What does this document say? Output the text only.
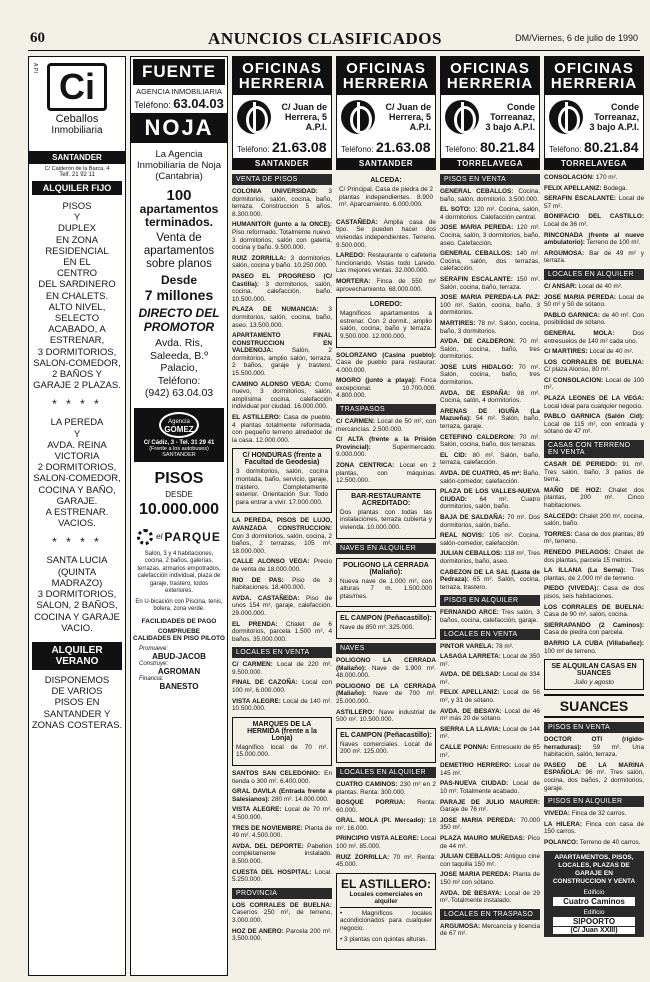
60	ANUNCIOS CLASIFICADOS	DM/Viernes, 6 de julio de 1990
A.P.I. Ci
Ceballos
Inmobiliaria
SANTANDER
C/ Calderón de la Barca, 4
Telf. 21 92 11
ALQUILER FIJO
PISOS
Y
DUPLEX
EN ZONA
RESIDENCIAL
EN EL
CENTRO
DEL SARDINERO
EN CHALETS.
ALTO NIVEL,
SELECTO
ACABADO, A
ESTRENAR,
3 DORMITORIOS,
SALON-COMEDOR,
2 BAÑOS Y
GARAJE 2 PLAZAS.
* * * *
LA PEREDA
Y
AVDA. REINA
VICTORIA
2 DORMITORIOS,
SALON-COMEDOR,
COCINA Y BAÑO,
GARAJE.
A ESTRENAR.
VACIOS.
* * * *
SANTA LUCIA
(QUINTA
MADRAZO)
3 DORMITORIOS,
SALON, 2 BAÑOS,
COCINA Y GARAJE
VACIO.
ALQUILER
VERANO
DISPONEMOS
DE VARIOS
PISOS EN
SANTANDER Y
ZONAS COSTERAS.
FUENTE
AGENCIA INMOBILIARIA
Teléfono: 63.04.03
NOJA
La Agencia
Inmobiliaria de Noja
(Cantabria)
100
apartamentos
terminados.
Venta de
apartamentos
sobre planos
Desde
7 millones
DIRECTO DEL
PROMOTOR
Avda. Ris,
Saleeda, B.º
Palacio,
Teléfono:
(942) 63.04.03
Agencia
GOMEZ
C/ Cádiz, 3 - Tel. 31 29 41
(Frente a los autobuses)
SANTANDER
PISOS
DESDE
10.000.000
el PARQUE
Salón, 3 y 4 habitaciones, cocina, 2 baños, galerías, terrazas, armarios empotrados, calefacción individual, plaza de garaje, trastero, todos exteriores.
En U-bicación con Piscina, tenis, bolera, zona verde.
FACILIDADES DE PAGO
COMPRUEBE
CALIDADES EN PISO PILOTO
Promueve:
ABUD-JACOB
Construye:
AGROMAN
Financia:
BANESTO
OFICINAS
HERRERIA
C/ Juan de Herrera, 5 A.P.I.
Teléfono: 21.63.08
SANTANDER
VENTA DE PISOS
COLONIA UNIVERSIDAD: 3 dormitorios, salón, cocina, baño, terraza. Construcción 5 años. 8.300.000.
HUMANITOR (junto a la ONCE): Piso reformado. Totalmente nuevo. 3 dormitorios, salón con galería, cocina y baño. 9.500.000.
RUIZ ZORRILLA: 3 dormitorios, salón, cocina y baño. 10.250.000.
PASEO EL PROGRESO (C/ Castilla): 3 dormitorios, salón, cocina, calefacción, baño. 10.500.000.
PLAZA DE NUMANCIA: 3 dormitorios, salón, cocina, baño, aseo. 13.500.000.
APARTAMENTO FINAL CONSTRUCCION EN VALDENOJA: Salón, 2 dormitorios, amplio salón, terraza, 2 baños, garaje y trastero. 15.500.000.
CAMINO ALONSO VEGA: Como nuevo, 3 dormitorios, salón, amplísima cocina, calefacción individual por ciudad. 16.000.000.
EL ASTILLERO: Casa de pueblo, 4 plantas totalmente reformada, con pequeño terreno alrededor de la casa. 12.000.000.
C/ HONDURAS (frente a Facultad de Geodesia)
3 dormitorios, salón, cocina montada, baño, servicio, garaje, trastero. Completamente exterior. Orientación Sur. Todo para entrar a vivir. 17.000.000.
LA PEREDA, PISOS DE LUJO, AVANZADA CONSTRUCCION: Con 3 dormitorios, salón, cocina, 2 baños, 2 terrazas, 105 m². 18.000.000.
CALLE ALONSO VEGA: Precio de venta de 18.000.000.
RIO DE PAS: Piso de 3 habitaciones. 18.400.000.
AVDA. CASTAÑEDA: Piso de unos 154 m², garaje, calefacción. 29.000.000.
EL PRENDA: Chalet de 6 dormitorios, parcela 1.500 m², 4 baños. 35.000.000.
LOCALES EN VENTA
C/ CARMEN: Local de 220 m². 9.500.000.
FINAL DE CAZOÑA: Local con 100 m², 6.000.000.
VISTA ALEGRE: Local de 140 m². 10.500.000.
MARQUES DE LA HERMIDA (frente a la Lonja)
Magnífico local de 70 m². 15.000.000.
SANTOS SAN CELEDONIO: En tienda o 300 m². 6.400.000.
GRAL DAVILA (Entrada frente a Salesianos): 280 m². 14.000.000.
VISTA ALEGRE: Local de 70 m². 4.500.000.
TRES DE NOVIEMBRE: Planta de 49 m². 4.500.000.
AVDA. DEL DEPORTE: Pabellón completamente instalado. 8.500.000.
CUESTA DEL HOSPITAL: Local. 5.250.000.
PROVINCIA
LOS CORRALES DE BUELNA: Caseríos 250 m², de terreno, 3.000.000.
HOZ DE ANERO: Parcela 200 m². 3.500.000.
OFICINAS
HERRERIA
C/ Juan de Herrera, 5 A.P.I.
Teléfono: 21.63.08
SANTANDER
ALCEDA:
C/ Principal. Casa de piedra de 2 plantas independientes. 8.900 m². Aparcamiento. 6.000.000.
CASTAÑEDA: Amplia casa de tipo. Se pueden hacer dos viviendas independientes. Terreno. 9.500.000.
LAREDO: Restaurante o cafetería funcionando. Vistas todo Laredo. Las mejores ventas. 32.000.000.
MORTERA: Finca de 550 m² aprovechamiento. 68.000.000.
LOREDO:
Magníficos apartamentos a estrenar. Con 2 dormit., amplio salón, cocina, baño y terraza. 9.500.000. 12.000.000.
SOLORZANO (Casina pueblo): Casa de pueblo para restaurar. 4.000.000.
MOGRO (junto a playa): Finca excepcional. 10.700.000. 4.800.000.
TRASPASOS
C/ CARMEN: Local de 50 m², con mercancías. 2.500.000.
C/ ALTA (frente a la Prisión Provincial): Supermercado. 9.000.000.
ZONA CENTRICA: Local en 2 plantas, con máquinas. 12.500.000.
BAR-RESTAURANTE ACREDITADO:
Dos plantas con todas las instalaciones, terraza cubierta y vivienda. 10.000.000.
NAVES EN ALQUILER
POLIGONO LA CERRADA (Maliaño):
Nueva nave de 1.000 m², con alturas 7 m. 1.500.000 ptas/mes.
EL CAMPON (Peñacastillo):
Nave de 850 m². 325.000.
NAVES
POLIGONO LA CERRADA (Maliaño): Nave de 1.900 m². 48.000.000.
POLIGONO DE LA CERRADA (Maliaño): Nave de 700 m². 25.000.000.
ASTILLERO: Nave industrial de 500 m². 10.500.000.
EL CAMPON (Peñacastillo):
Naves comerciales. Local de 200 m². 125.000.
LOCALES EN ALQUILER
CUATRO CAMINOS: 230 m² en 2 plantas. Renta: 300.000.
BOSQUE PORRUA: Renta: 60.000.
GRAL. MOLA (Pl. Mercado): 18 m². 16.000.
PRINCIPIO VISTA ALEGRE: Local 100 m². 85.000.
RUIZ ZORRILLA: 70 m². Renta: 45.000.
EL ASTILLERO:
Locales comerciales en alquiler
• Magníficos locales acondicionados para cualquier negocio.
• 3 plantas con quintas alturas.
OFICINAS
HERRERIA
Conde Torreanaz, 3 bajo A.P.I.
Teléfono: 80.21.84
TORRELAVEGA
PISOS EN VENTA
GENERAL CEBALLOS: Cocina, baño, salón, dormitorio. 3.500.000.
EL SOTO: 120 m². Cocina, salón, 4 dormitorios. Calefacción central.
JOSE MARIA PEREDA: 120 m². Cocina, salón, 3 dormitorios, baño, aseo. Calefacción.
GENERAL CEBALLOS: 140 m². Cocina, salón, dos terrazas, calefacción.
SERAFIN ESCALANTE: 150 m². Salón, cocina, baño, terraza.
JOSE MARIA PEREDA-LA PAZ: 100 m². Salón, cocina, baño, 3 dormitorios.
MARTIRES: 78 m². Salón, cocina, baño, 3 dormitorios.
AVDA. DE CALDERON: 70 m². Salón, cocina, baño, tres dormitorios.
JOSE LUIS HIDALGO: 70 m². Salón, cocina, baño, tres dormitorios.
AVDA. DE ESPAÑA: 98 m². Cocina, salón, 4 dormitorios.
ARENAS DE IGUÑA (La Mazueña): 54 m². Salón, baño, terraza, garaje.
CETEFINO CALDERON: 70 m². Salón, cocina, baño, dos terrazas.
EL CID: 80 m². Salón, baño, terraza, calefacción.
AVDA. DE CUATRO, 45 m²: Baño, salón-comedor, calefacción.
PLAZA DE LOS VALLES-NUEVA CIUDAD: 64 m². Cuatro dormitorios, salón, baño.
BAJA DE SALDAÑA: 70 m². Dos dormitorios, salón, baño.
REAL NOVIS: 105 m². Cocina, salón-comedor, calefacción.
JULIAN CEBALLOS: 118 m². Tres dormitorios, baño, aseo.
CABEZON DE LA SAL (Lasta de Pedraza): 65 m². Salón, cocina, terraza, trastero.
PISOS EN ALQUILER
FERNANDO ARCE: Tres salón, 3 baños, cocina, calefacción, garaje.
LOCALES EN VENTA
PINTOR VARELA: 78 m².
LASAGA LARRETA: Local de 350 m².
AVDA. DE DELSAD: Local de 334 m².
FELIX APELLANIZ: Local de 56 m², y 31 de sótano.
AVDA. DE BESAYA: Local de 46 m² más 20 de sótano.
SIERRA LA LLAVIA: Local de 144 m².
CALLE PONNA: Entresuelo de 65 m².
DEMETRIO HERRERO: Local de 145 m².
PAS-NUEVA CIUDAD: Local de 10 m². Totalmente acabado.
PARAJE DE JULIO MAURER: Garaje de 76 m².
JOSE MARIA PEREDA: 70.000 350 m².
PLAZA MAURO MUÑEDAS: Pico de 44 m².
JULIAN CEBALLOS: Antiguo cine con taquilla 150 m².
JOSE MARIA PEREDA: Planta de 150 m² con sótano.
AVDA. DE BESAYA: Local de 29 m². Totalmente instalado.
LOCALES EN TRASPASO
ARGUMOSA: Mercancía y licencia de 67 m².
OFICINAS
HERRERIA
Conde Torreanaz, 3 bajo A.P.I.
Teléfono: 80.21.84
TORRELAVEGA
CONSOLACION: 170 m².
FELIX APELLANIZ: Bodega.
SERAFIN ESCALANTE: Local de 57 m².
BONIFACIO DEL CASTILLO: Local de 36 m².
RINCONADA (frente al nuevo ambulatorio): Terreno de 100 m².
ARGUMOSA: Bar de 49 m² y terraza.
LOCALES EN ALQUILER
C/ ANSAR: Local de 40 m².
JOSE MARIA PEREDA: Local de 50 m² y 50 de sótano.
PABLO GARNICA: de 40 m². Con posibilidad de sótano.
GENERAL MOLA: Dos entresuelos de 140 m² cada uno.
C/ MARTIRES: Local de 40 m².
LOS CORRALES DE BUELNA: C/ plaza Alonso, 80 m².
C/ CONSOLACION: Local de 100 m².
PLAZA LEONES DE LA VEGA: Local ideal para cualquier negocio.
PABLO GARNICA (Salón Cid): Local de 115 m², con entrada y sótano de 47 m².
CASAS CON TERRENO EN VENTA
CASAR DE PERIEDO: 91 m². Tres salón, baño, 3 patios de tierra.
MAÑO DE HOZ: Chalet dos plantas, 200 m². Cinco habitaciones.
SALCEDO: Chalet 200 m², cocina, salón, baño.
TORRES: Casa de dos plantas, 89 m², terreno.
RENEDO PIELAGOS: Chalet de dos plantas, parcela 15 metros.
LA ILLANA (La Serna): Tres plantas, de 2.000 m² de terreno.
PIEDO (VIVEDA): Casa de dos pisos, seis habitaciones.
LOS CORRALES DE BUELNA: Casa de 90 m², salón, cocina.
SIERRAPANDO (2 Caminos): Casa de piedra con parcela.
BARRIO LA CUBA (Villabañez): 100 m² de terreno.
SE ALQUILAN CASAS EN SUANCES
Julio y agosto
SUANCES
PISOS EN VENTA
DOCTOR OTI (rígido-herraduras): 59 m². Una habitación, salón, terraza.
PASEO DE LA MARINA ESPAÑOLA: 96 m². Tres salón, cocina, dos baños, 2 dormitorios, garaje.
PISOS EN ALQUILER
VIVEDA: Finca de 32 carros.
LA HILERA: Finca con casa de 150 carros.
POLANCO: Terreno de 40 carros.
APARTAMENTOS, PISOS,
LOCALES, PLAZAS DE
GARAJE EN
CONSTRUCCION Y VENTA
Edificio
Cuatro Caminos
Edificio
SIPOORTO
(C/ Juan XXIII)
